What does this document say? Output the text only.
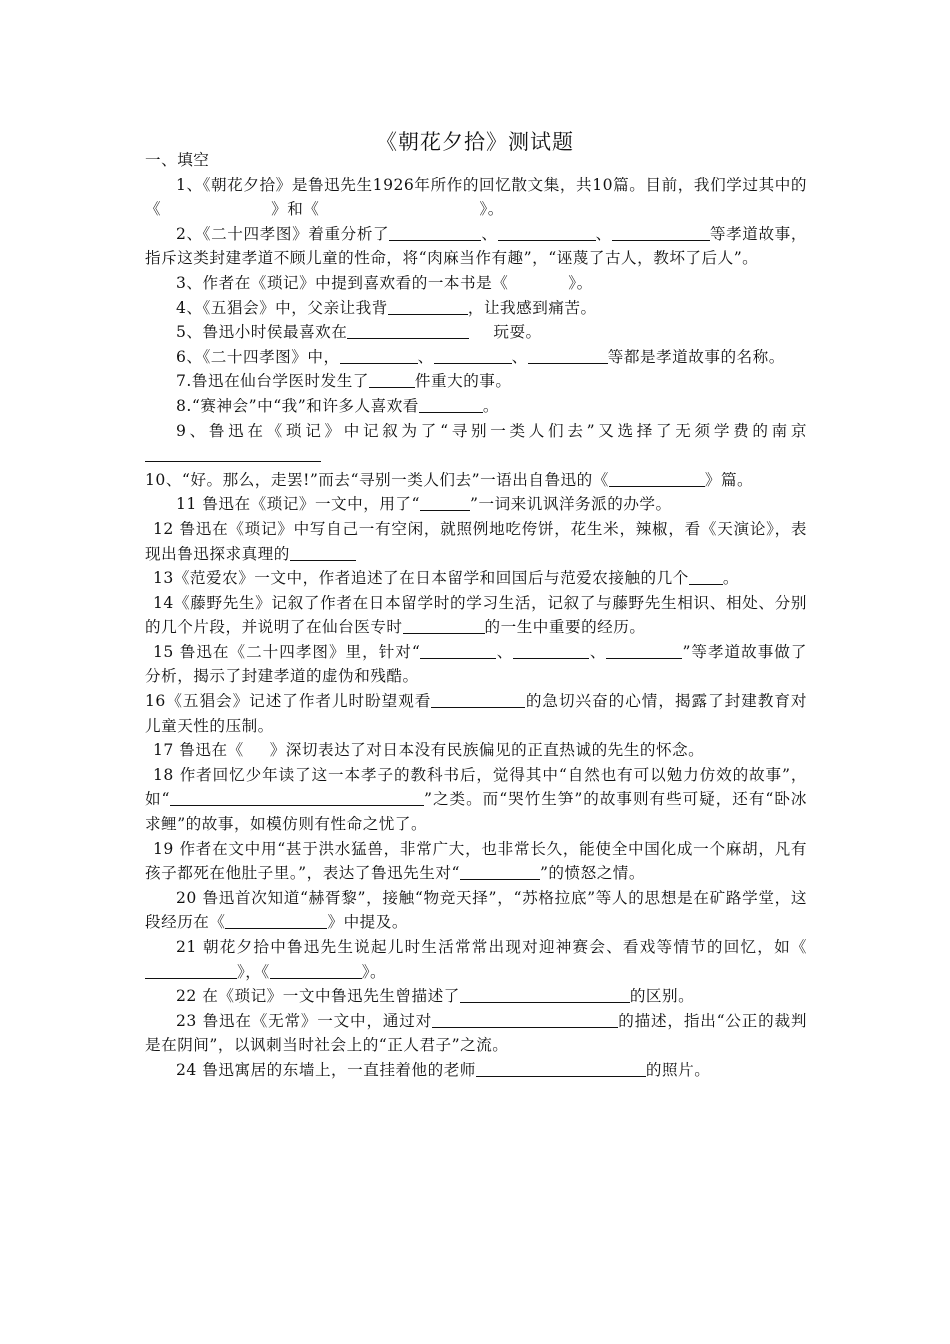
《朝花夕拾》测试题

一、填空

1、《朝花夕拾》是鲁迅先生1926年所作的回忆散文集，共10篇。目前，我们学过其中的《	》和《	》。

2、《二十四孝图》着重分析了	、	、	等孝道故事，指斥这类封建孝道不顾儿童的性命，将“肉麻当作有趣”，“诬蔑了古人，教坏了后人”。

3、作者在《琐记》中提到喜欢看的一本书是《	》。

4、《五猖会》中，父亲让我背	，让我感到痛苦。

5、鲁迅小时侯最喜欢在	玩耍。

6、《二十四孝图》中，	、	、	等都是孝道故事的名称。

7.鲁迅在仙台学医时发生了	件重大的事。

8.“赛神会”中“我”和许多人喜欢看	。

9、鲁迅在《琐记》中记叙为了“寻别一类人们去”又选择了无须学费的南京

10、“好。那么，走罢!”而去“寻别一类人们去”一语出自鲁迅的《	》篇。

11 鲁迅在《琐记》一文中，用了“	”一词来讥讽洋务派的办学。

12 鲁迅在《琐记》中写自己一有空闲，就照例地吃侉饼，花生米，辣椒，看《天演论》，表现出鲁迅探求真理的

13《范爱农》一文中，作者追述了在日本留学和回国后与范爱农接触的几个 。

14《藤野先生》记叙了作者在日本留学时的学习生活，记叙了与藤野先生相识、相处、分别的几个片段，并说明了在仙台医专时	的一生中重要的经历。

15 鲁迅在《二十四孝图》里，针对“	、	、	”等孝道故事做了分析，揭示了封建孝道的虚伪和残酷。

16《五猖会》记述了作者儿时盼望观看	的急切兴奋的心情，揭露了封建教育对儿童天性的压制。

17 鲁迅在《 》深切表达了对日本没有民族偏见的正直热诚的先生的怀念。

18 作者回忆少年读了这一本孝子的教科书后，觉得其中“自然也有可以勉力仿效的故事”，如“	”之类。而“哭竹生笋”的故事则有些可疑，还有“卧冰求鲤”的故事，如模仿则有性命之忧了。

19 作者在文中用“甚于洪水猛兽，非常广大，也非常长久，能使全中国化成一个麻胡，凡有孩子都死在他肚子里。”，表达了鲁迅先生对“	”的愤怒之情。

20 鲁迅首次知道“赫胥黎”，接触“物竞天择”，“苏格拉底”等人的思想是在矿路学堂，这段经历在《	》中提及。

21 朝花夕拾中鲁迅先生说起儿时生活常常出现对迎神赛会、看戏等情节的回忆，如《》，《	》。

22 在《琐记》一文中鲁迅先生曾描述了	的区别。

23 鲁迅在《无常》一文中，通过对	的描述，指出“公正的裁判是在阴间”，以讽刺当时社会上的“正人君子”之流。

24 鲁迅寓居的东墙上，一直挂着他的老师	的照片。
